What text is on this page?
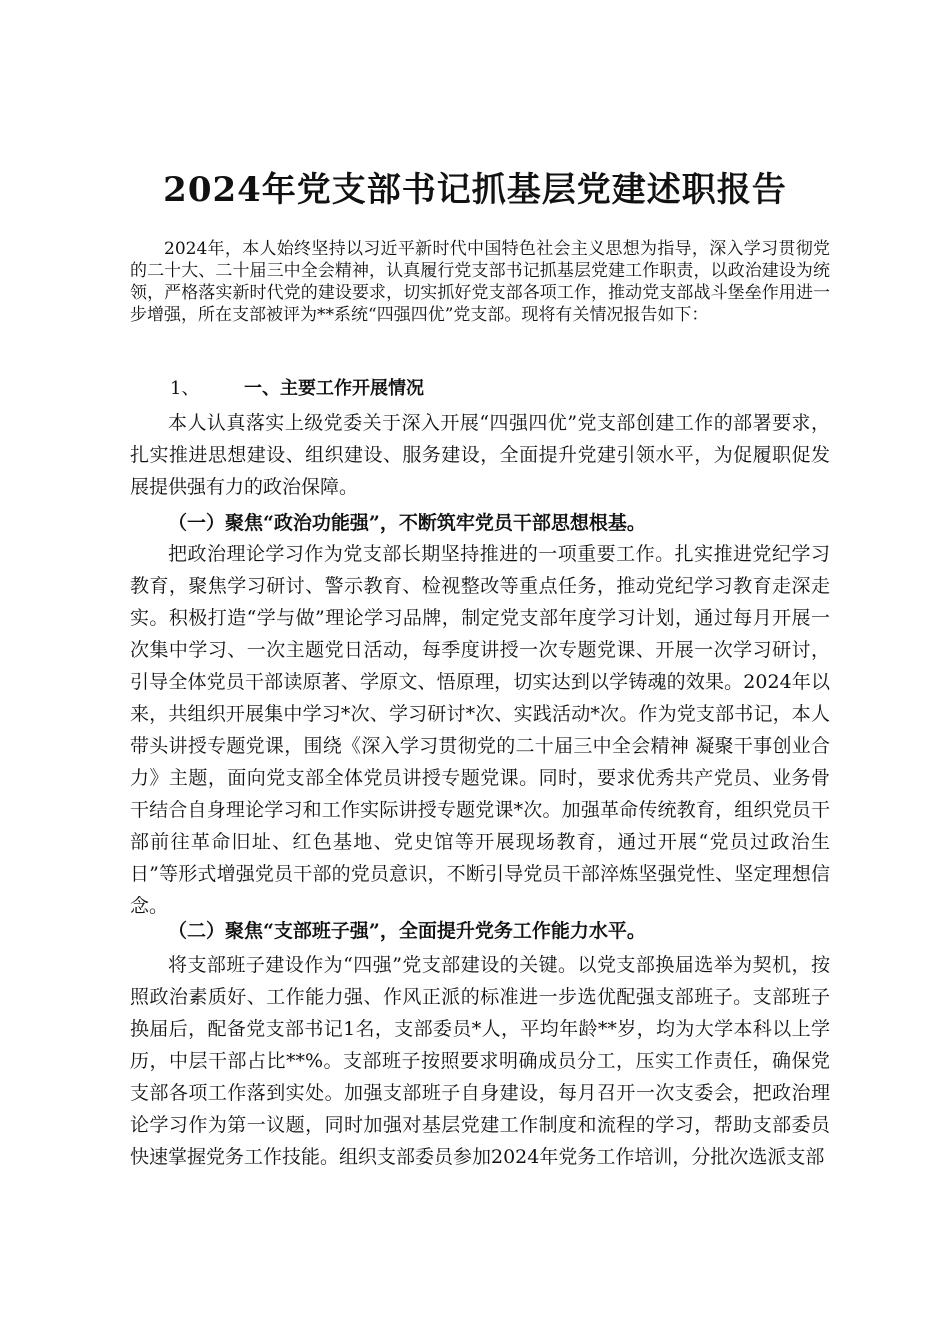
2024年党支部书记抓基层党建述职报告

2024年，本人始终坚持以习近平新时代中国特色社会主义思想为指导，深入学习贯彻党的二十大、二十届三中全会精神，认真履行党支部书记抓基层党建工作职责，以政治建设为统领，严格落实新时代党的建设要求，切实抓好党支部各项工作，推动党支部战斗堡垒作用进一步增强，所在支部被评为**系统“四强四优”党支部。现将有关情况报告如下：

1、 一、主要工作开展情况

本人认真落实上级党委关于深入开展“四强四优”党支部创建工作的部署要求，扎实推进思想建设、组织建设、服务建设，全面提升党建引领水平，为促履职促发展提供强有力的政治保障。

（一）聚焦“政治功能强”，不断筑牢党员干部思想根基。

把政治理论学习作为党支部长期坚持推进的一项重要工作。扎实推进党纪学习教育，聚焦学习研讨、警示教育、检视整改等重点任务，推动党纪学习教育走深走实。积极打造“学与做”理论学习品牌，制定党支部年度学习计划，通过每月开展一次集中学习、一次主题党日活动，每季度讲授一次专题党课、开展一次学习研讨，引导全体党员干部读原著、学原文、悟原理，切实达到以学铸魂的效果。2024年以来，共组织开展集中学习*次、学习研讨*次、实践活动*次。作为党支部书记，本人带头讲授专题党课，围绕《深入学习贯彻党的二十届三中全会精神 凝聚干事创业合力》主题，面向党支部全体党员讲授专题党课。同时，要求优秀共产党员、业务骨干结合自身理论学习和工作实际讲授专题党课*次。加强革命传统教育，组织党员干部前往革命旧址、红色基地、党史馆等开展现场教育，通过开展“党员过政治生日”等形式增强党员干部的党员意识，不断引导党员干部淬炼坚强党性、坚定理想信念。

（二）聚焦“支部班子强”，全面提升党务工作能力水平。

将支部班子建设作为“四强”党支部建设的关键。以党支部换届选举为契机，按照政治素质好、工作能力强、作风正派的标准进一步选优配强支部班子。支部班子换届后，配备党支部书记1名，支部委员*人，平均年龄**岁，均为大学本科以上学历，中层干部占比**%。支部班子按照要求明确成员分工，压实工作责任，确保党支部各项工作落到实处。加强支部班子自身建设，每月召开一次支委会，把政治理论学习作为第一议题，同时加强对基层党建工作制度和流程的学习，帮助支部委员快速掌握党务工作技能。组织支部委员参加2024年党务工作培训，分批次选派支部
